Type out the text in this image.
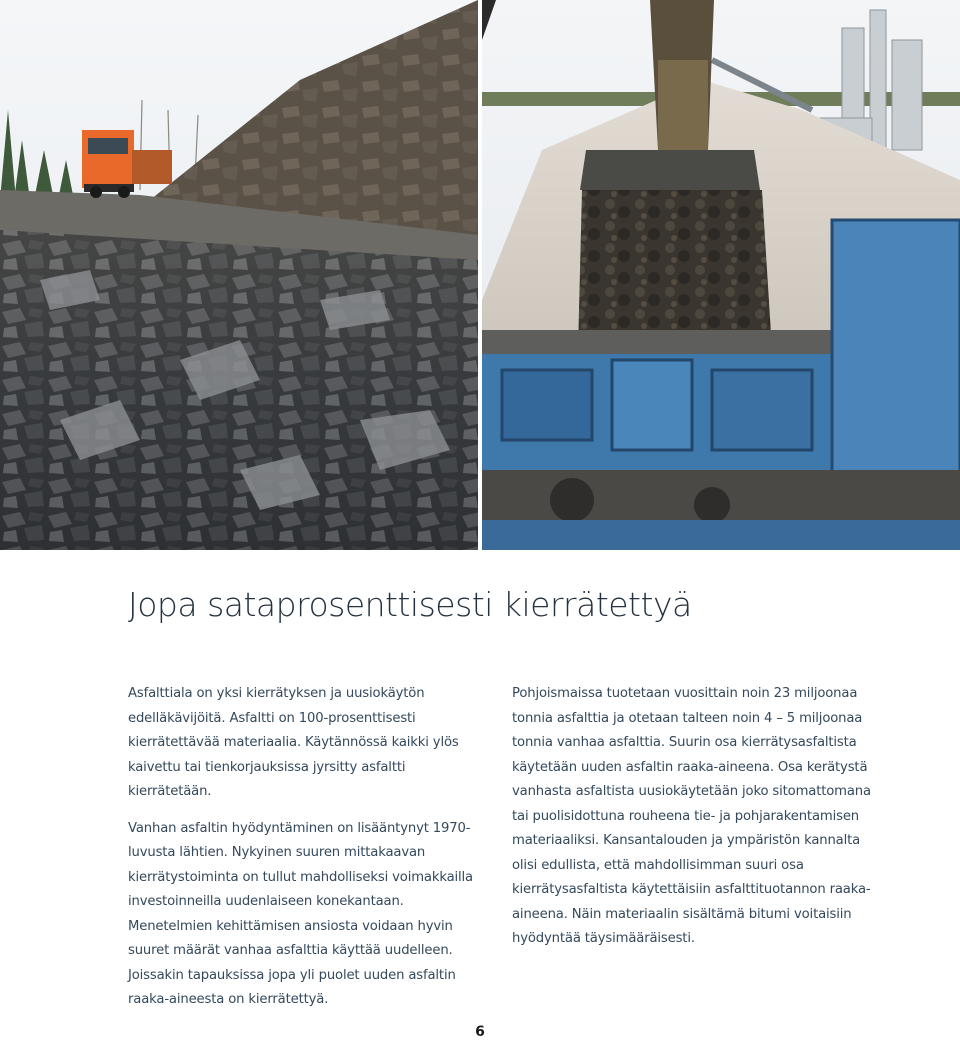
Jopa sataprosenttisesti kierrätettyä

Asfalttiala on yksi kierrätyksen ja uusiokäytön edelläkävijöitä. Asfaltti on 100-prosenttisesti kierrätettävää materiaalia. Käytännössä kaikki ylös kaivettu tai tienkorjauksissa jyrsitty asfaltti kierrätetään.

Vanhan asfaltin hyödyntäminen on lisääntynyt 1970-luvusta lähtien. Nykyinen suuren mittakaavan kierrätystoiminta on tullut mahdolliseksi voimakkailla investoinneilla uudenlaiseen konekantaan. Menetelmien kehittämisen ansiosta voidaan hyvin suuret määrät vanhaa asfalttia käyttää uudelleen. Joissakin tapauksissa jopa yli puolet uuden asfaltin raaka-aineesta on kierrätettyä.

Pohjoismaissa tuotetaan vuosittain noin 23 miljoonaa tonnia asfalttia ja otetaan talteen noin 4 – 5 miljoonaa tonnia vanhaa asfalttia. Suurin osa kierrätysasfaltista käytetään uuden asfaltin raaka-aineena. Osa kerätystä vanhasta asfaltista uusiokäytetään joko sitomattomana tai puolisidottuna rouheena tie- ja pohjarakentamisen materiaaliksi. Kansantalouden ja ympäristön kannalta olisi edullista, että mahdollisimman suuri osa kierrätysasfaltista käytettäisiin asfalttituotannon raaka-aineena. Näin materiaalin sisältämä bitumi voitaisiin hyödyntää täysimääräisesti.

6
